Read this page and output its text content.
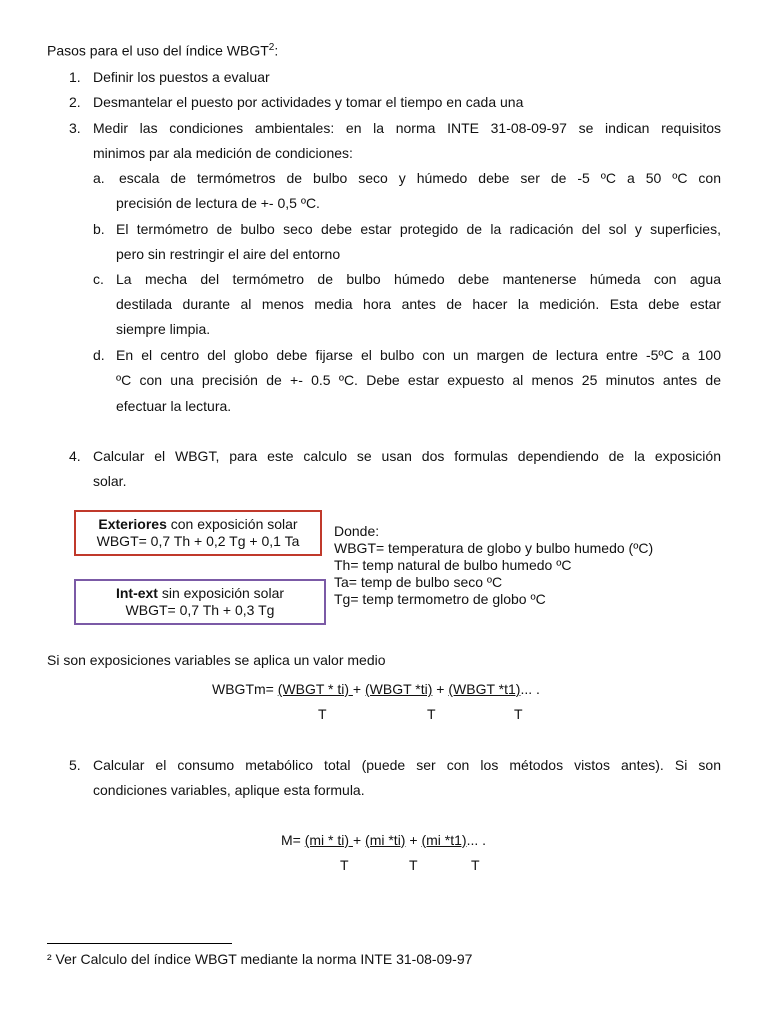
Pasos para el uso del índice WBGT$^2$:
1. Definir los puestos a evaluar
2. Desmantelar el puesto por actividades y tomar el tiempo en cada una
3. Medir las condiciones ambientales: en la norma INTE 31-08-09-97 se indican requisitos
minimos par ala medición de condiciones:
a. escala de termómetros de bulbo seco y húmedo debe ser de -5 ºC a 50 ºC con
precisión de lectura de +- 0,5 ºC.
b. El termómetro de bulbo seco debe estar protegido de la radicación del sol y superficies,
pero sin restringir el aire del entorno
c. La mecha del termómetro de bulbo húmedo debe mantenerse húmeda con agua
destilada durante al menos media hora antes de hacer la medición. Esta debe estar
siempre limpia.
d. En el centro del globo debe fijarse el bulbo con un margen de lectura entre -5ºC a 100
ºC con una precisión de +- 0.5 ºC. Debe estar expuesto al menos 25 minutos antes de
efectuar la lectura.
4. Calcular el WBGT, para este calculo se usan dos formulas dependiendo de la exposición
solar.
Exteriores con exposición solar
WBGT= 0,7 Th + 0,2 Tg + 0,1 Ta
Int-ext sin exposición solar
WBGT= 0,7 Th + 0,3 Tg
Donde:
WBGT= temperatura de globo y bulbo humedo (ºC)
Th= temp natural de bulbo humedo ºC
Ta= temp de bulbo seco ºC
Tg= temp termometro de globo ºC
Si son exposiciones variables se aplica un valor medio
WBGTm= (WBGT * ti) + (WBGT *ti) + (WBGT *t1)... .
T	T	T
5. Calcular el consumo metabólico total (puede ser con los métodos vistos antes). Si son
condiciones variables, aplique esta formula.
M= (mi * ti) + (mi *ti) + (mi *t1)... .
T	T	T
² Ver Calculo del índice WBGT mediante la norma INTE 31-08-09-97
